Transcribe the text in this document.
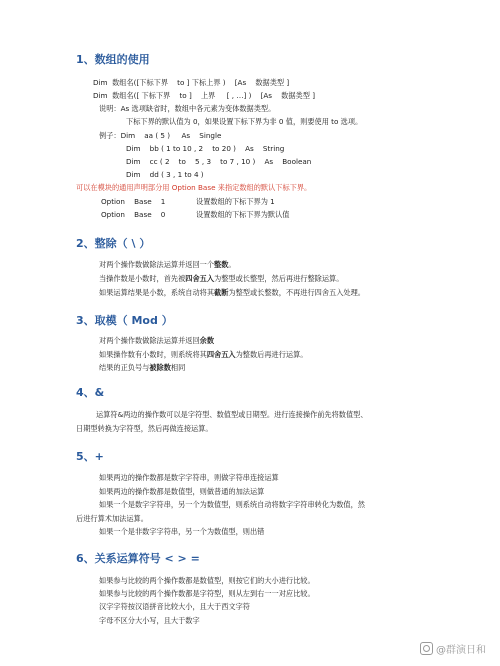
1、数组的使用
Dim  数组名([下标下界    to ] 下标上界 )    [As    数据类型 ]
Dim  数组名([ 下标下界    to ]    上界     [ , …] )    [As    数据类型 ]
说明：As 选项缺省时，数组中各元素为变体数据类型。
下标下界的默认值为 0，如果设置下标下界为非 0 值，则要使用 to 选项。
例子：Dim    aa ( 5 )     As    Single
Dim    bb ( 1 to 10 , 2    to 20 )    As    String
Dim    cc ( 2    to    5 , 3    to 7 , 10 )    As    Boolean
Dim    dd ( 3 , 1 to 4 )
可以在模块的通用声明部分用 Option Base 来指定数组的默认下标下界。
Option    Base    1	设置数组的下标下界为 1
Option    Base    0	设置数组的下标下界为默认值
2、整除（ \ ）
对两个操作数做除法运算并返回一个整数。
当操作数是小数时，首先被四舍五入为整型或长整型，然后再进行整除运算。
如果运算结果是小数，系统自动将其截断为整型或长整数，不再进行四舍五入处理。
3、取模（ Mod ）
对两个操作数做除法运算并返回余数
如果操作数有小数时，则系统将其四舍五入为整数后再进行运算。
结果的正负号与被除数相同
4、&
运算符&两边的操作数可以是字符型、数值型或日期型。进行连接操作前先将数值型、
日期型转换为字符型，然后再做连接运算。
5、+
如果两边的操作数都是数字字符串，则做字符串连接运算
如果两边的操作数都是数值型，则做普通的加法运算
如果一个是数字字符串，另一个为数值型，则系统自动将数字字符串转化为数值，然
后进行算术加法运算。
如果一个是非数字字符串，另一个为数值型，则出错
6、关系运算符号 < > =
如果参与比较的两个操作数都是数值型，则按它们的大小进行比较。
如果参与比较的两个操作数都是字符型，则从左到右一一对应比较。
汉字字符按汉语拼音比较大小，且大于西文字符
字母不区分大小写，且大于数字
@群演日和
